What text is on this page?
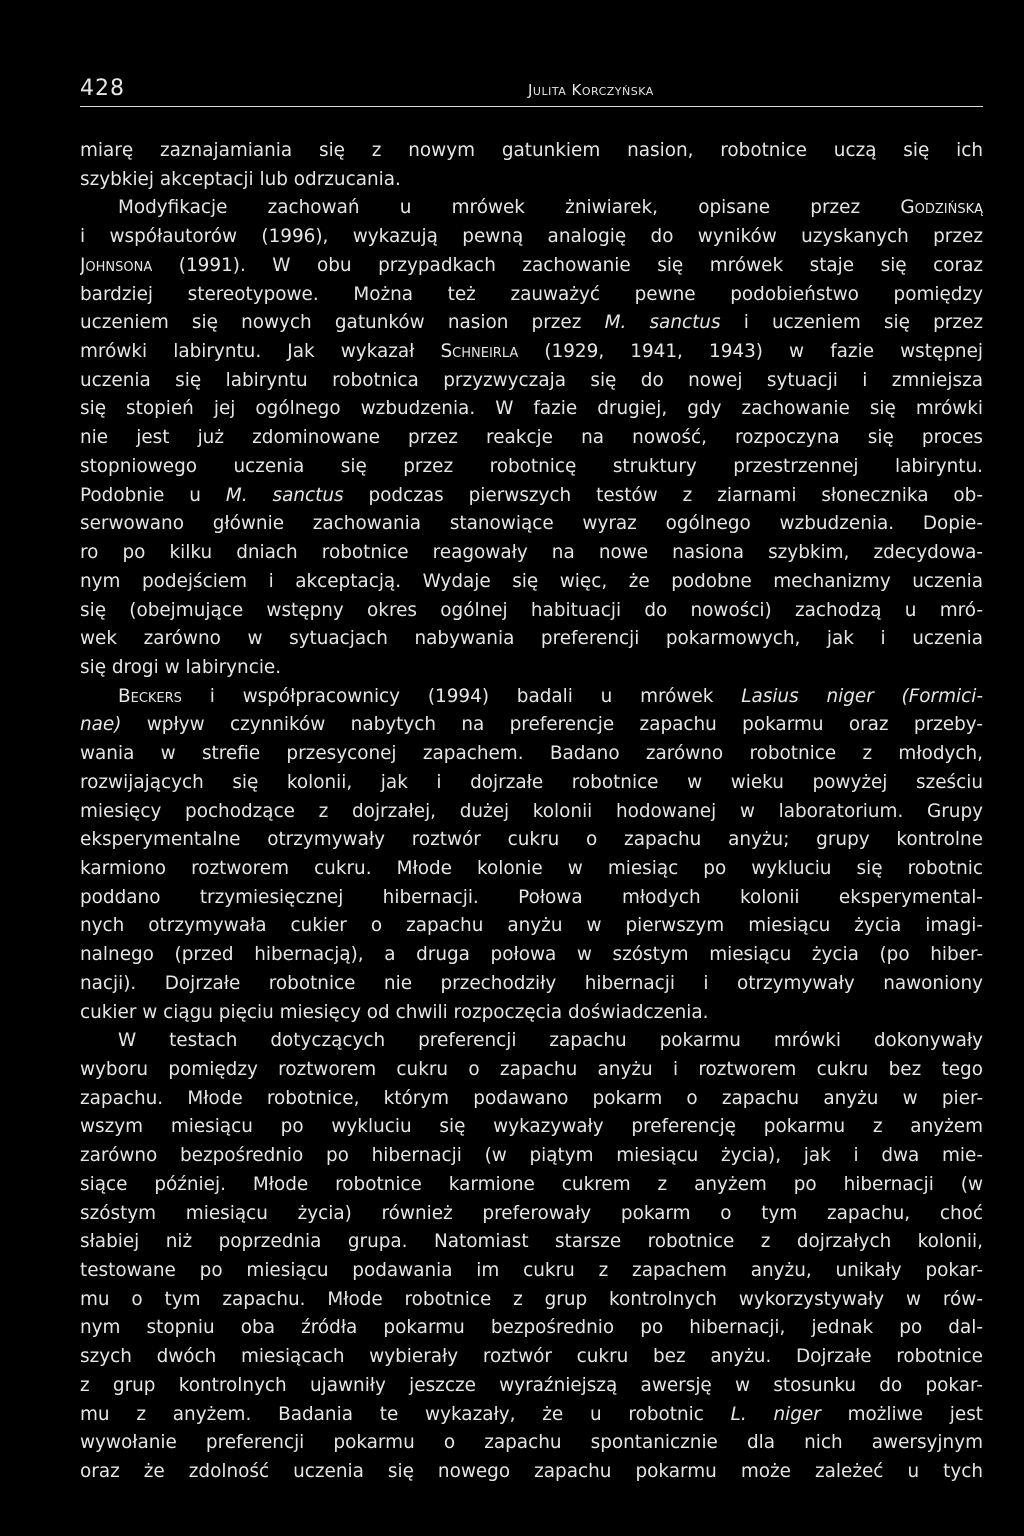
428	Julita Korczyńska
miarę zaznajamiania się z nowym gatunkiem nasion, robotnice uczą się ich
szybkiej akceptacji lub odrzucania.
Modyfikacje zachowań u mrówek żniwiarek, opisane przez Godzińską
i współautorów (1996), wykazują pewną analogię do wyników uzyskanych przez
Johnsona (1991). W obu przypadkach zachowanie się mrówek staje się coraz
bardziej stereotypowe. Można też zauważyć pewne podobieństwo pomiędzy
uczeniem się nowych gatunków nasion przez M. sanctus i uczeniem się przez
mrówki labiryntu. Jak wykazał Schneirla (1929, 1941, 1943) w fazie wstępnej
uczenia się labiryntu robotnica przyzwyczaja się do nowej sytuacji i zmniejsza
się stopień jej ogólnego wzbudzenia. W fazie drugiej, gdy zachowanie się mrówki
nie jest już zdominowane przez reakcje na nowość, rozpoczyna się proces
stopniowego uczenia się przez robotnicę struktury przestrzennej labiryntu.
Podobnie u M. sanctus podczas pierwszych testów z ziarnami słonecznika ob-
serwowano głównie zachowania stanowiące wyraz ogólnego wzbudzenia. Dopie-
ro po kilku dniach robotnice reagowały na nowe nasiona szybkim, zdecydowa-
nym podejściem i akceptacją. Wydaje się więc, że podobne mechanizmy uczenia
się (obejmujące wstępny okres ogólnej habituacji do nowości) zachodzą u mró-
wek zarówno w sytuacjach nabywania preferencji pokarmowych, jak i uczenia
się drogi w labiryncie.
Beckers i współpracownicy (1994) badali u mrówek Lasius niger (Formici-
nae) wpływ czynników nabytych na preferencje zapachu pokarmu oraz przeby-
wania w strefie przesyconej zapachem. Badano zarówno robotnice z młodych,
rozwijających się kolonii, jak i dojrzałe robotnice w wieku powyżej sześciu
miesięcy pochodzące z dojrzałej, dużej kolonii hodowanej w laboratorium. Grupy
eksperymentalne otrzymywały roztwór cukru o zapachu anyżu; grupy kontrolne
karmiono roztworem cukru. Młode kolonie w miesiąc po wykluciu się robotnic
poddano trzymiesięcznej hibernacji. Połowa młodych kolonii eksperymental-
nych otrzymywała cukier o zapachu anyżu w pierwszym miesiącu życia imagi-
nalnego (przed hibernacją), a druga połowa w szóstym miesiącu życia (po hiber-
nacji). Dojrzałe robotnice nie przechodziły hibernacji i otrzymywały nawoniony
cukier w ciągu pięciu miesięcy od chwili rozpoczęcia doświadczenia.
W testach dotyczących preferencji zapachu pokarmu mrówki dokonywały
wyboru pomiędzy roztworem cukru o zapachu anyżu i roztworem cukru bez tego
zapachu. Młode robotnice, którym podawano pokarm o zapachu anyżu w pier-
wszym miesiącu po wykluciu się wykazywały preferencję pokarmu z anyżem
zarówno bezpośrednio po hibernacji (w piątym miesiącu życia), jak i dwa mie-
siące później. Młode robotnice karmione cukrem z anyżem po hibernacji (w
szóstym miesiącu życia) również preferowały pokarm o tym zapachu, choć
słabiej niż poprzednia grupa. Natomiast starsze robotnice z dojrzałych kolonii,
testowane po miesiącu podawania im cukru z zapachem anyżu, unikały pokar-
mu o tym zapachu. Młode robotnice z grup kontrolnych wykorzystywały w rów-
nym stopniu oba źródła pokarmu bezpośrednio po hibernacji, jednak po dal-
szych dwóch miesiącach wybierały roztwór cukru bez anyżu. Dojrzałe robotnice
z grup kontrolnych ujawniły jeszcze wyraźniejszą awersję w stosunku do pokar-
mu z anyżem. Badania te wykazały, że u robotnic L. niger możliwe jest
wywołanie preferencji pokarmu o zapachu spontanicznie dla nich awersyjnym
oraz że zdolność uczenia się nowego zapachu pokarmu może zależeć u tych
